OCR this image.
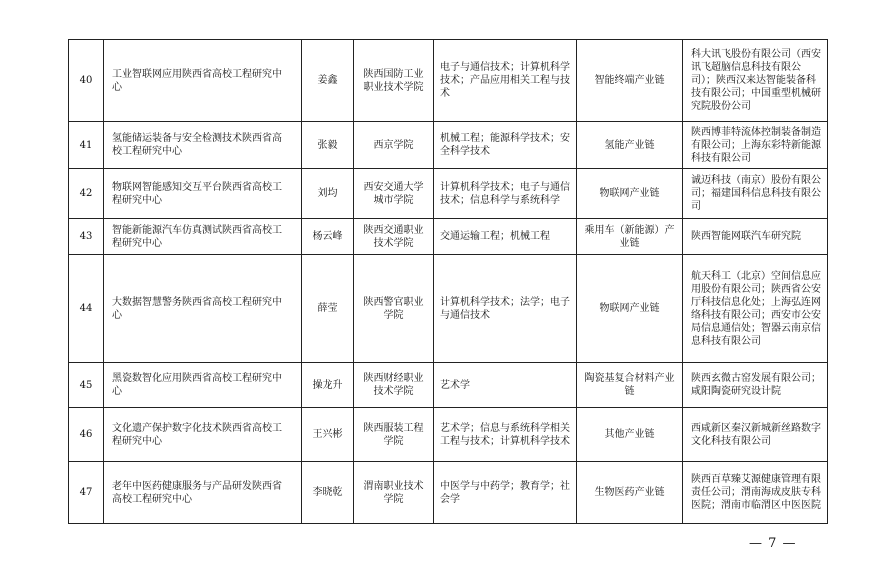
40	工业智联网应用陕西省高校工程研究中心	姜鑫	陕西国防工业职业技术学院	电子与通信技术；计算机科学技术；产品应用相关工程与技术	智能终端产业链	科大讯飞股份有限公司（西安讯飞超脑信息科技有限公司）；陕西汉来达智能装备科技有限公司；中国重型机械研究院股份公司
41	氢能储运装备与安全检测技术陕西省高校工程研究中心	张毅	西京学院	机械工程；能源科学技术；安全科学技术	氢能产业链	陕西博菲特流体控制装备制造有限公司；上海东彩特新能源科技有限公司
42	物联网智能感知交互平台陕西省高校工程研究中心	刘均	西安交通大学城市学院	计算机科学技术；电子与通信技术；信息科学与系统科学	物联网产业链	诚迈科技（南京）股份有限公司；福建国科信息科技有限公司
43	智能新能源汽车仿真测试陕西省高校工程研究中心	杨云峰	陕西交通职业技术学院	交通运输工程；机械工程	乘用车（新能源）产业链	陕西智能网联汽车研究院
44	大数据智慧警务陕西省高校工程研究中心	薛莹	陕西警官职业学院	计算机科学技术；法学；电子与通信技术	物联网产业链	航天科工（北京）空间信息应用股份有限公司；陕西省公安厅科技信息化处；上海弘连网络科技有限公司；西安市公安局信息通信处；智器云南京信息科技有限公司
45	黑瓷数智化应用陕西省高校工程研究中心	操龙升	陕西财经职业技术学院	艺术学	陶瓷基复合材料产业链	陕西玄微古窑发展有限公司；咸阳陶瓷研究设计院
46	文化遗产保护数字化技术陕西省高校工程研究中心	王兴彬	陕西服装工程学院	艺术学；信息与系统科学相关工程与技术；计算机科学技术	其他产业链	西咸新区秦汉新城新丝路数字文化科技有限公司
47	老年中医药健康服务与产品研发陕西省高校工程研究中心	李晓乾	渭南职业技术学院	中医学与中药学；教育学；社会学	生物医药产业链	陕西百草臻艾源健康管理有限责任公司；渭南海成皮肤专科医院；渭南市临渭区中医医院
— 7 —
